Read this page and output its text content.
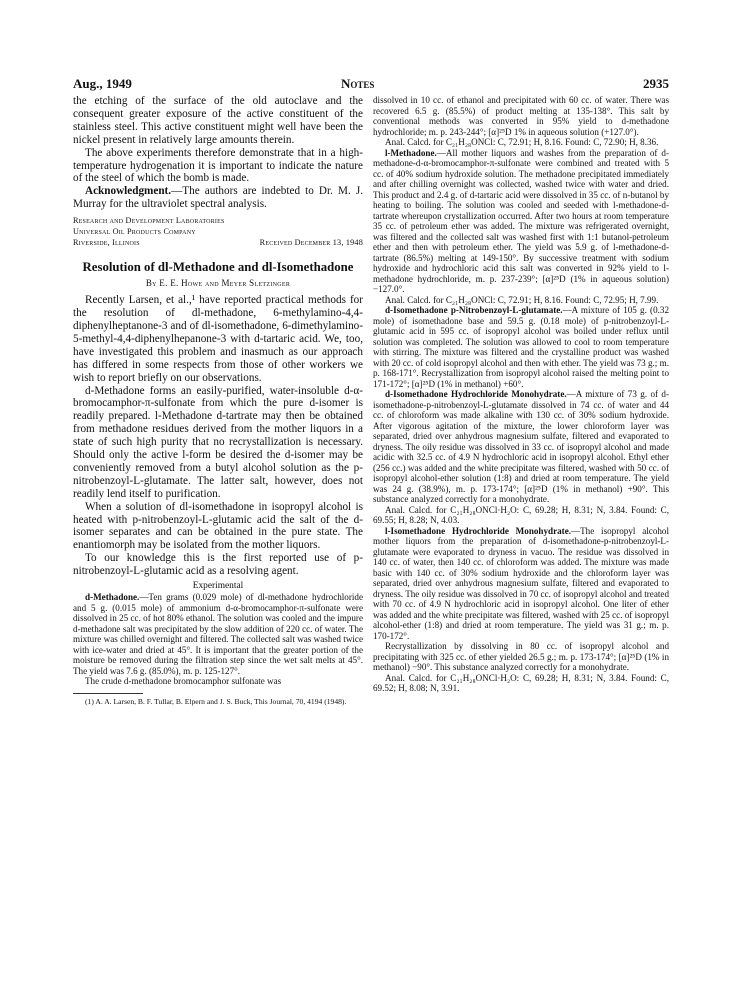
Aug., 1949	Notes	2935

the etching of the surface of the old autoclave and the consequent greater exposure of the active constituent of the stainless steel. This active constituent might well have been the nickel present in relatively large amounts therein.

The above experiments therefore demonstrate that in a high-temperature hydrogenation it is important to indicate the nature of the steel of which the bomb is made.

Acknowledgment.—The authors are indebted to Dr. M. J. Murray for the ultraviolet spectral analysis.

Research and Development Laboratories
Universal Oil Products Company
Riverside, Illinois	Received December 13, 1948
Resolution of dl-Methadone and dl-Isomethadone
By E. E. Howe and Meyer Sletzinger

Recently Larsen, et al.,¹ have reported practical methods for the resolution of dl-methadone, 6-methylamino-4,4-diphenylheptanone-3 and of dl-isomethadone, 6-dimethylamino-5-methyl-4,4-diphenylhepanone-3 with d-tartaric acid. We, too, have investigated this problem and inasmuch as our approach has differed in some respects from those of other workers we wish to report briefly on our observations.

d-Methadone forms an easily-purified, water-insoluble d-α-bromocamphor-π-sulfonate from which the pure d-isomer is readily prepared. l-Methadone d-tartrate may then be obtained from methadone residues derived from the mother liquors in a state of such high purity that no recrystallization is necessary. Should only the active l-form be desired the d-isomer may be conveniently removed from a butyl alcohol solution as the p-nitrobenzoyl-L-glutamate. The latter salt, however, does not readily lend itself to purification.

When a solution of dl-isomethadone in isopropyl alcohol is heated with p-nitrobenzoyl-L-glutamic acid the salt of the d-isomer separates and can be obtained in the pure state. The enantiomorph may be isolated from the mother liquors.

To our knowledge this is the first reported use of p-nitrobenzoyl-L-glutamic acid as a resolving agent.

Experimental

d-Methadone.—Ten grams (0.029 mole) of dl-methadone hydrochloride and 5 g. (0.015 mole) of ammonium d-α-bromocamphor-π-sulfonate were dissolved in 25 cc. of hot 80% ethanol. The solution was cooled and the impure d-methadone salt was precipitated by the slow addition of 220 cc. of water. The mixture was chilled overnight and filtered. The collected salt was washed twice with ice-water and dried at 45°. It is important that the greater portion of the moisture be removed during the filtration step since the wet salt melts at 45°. The yield was 7.6 g. (85.0%), m. p. 125-127°.

The crude d-methadone bromocamphor sulfonate was

(1) A. A. Larsen, B. F. Tullar, B. Elpern and J. S. Buck, This Journal, 70, 4194 (1948).

dissolved in 10 cc. of ethanol and precipitated with 60 cc. of water. There was recovered 6.5 g. (85.5%) of product melting at 135-138°. This salt by conventional methods was converted in 95% yield to d-methadone hydrochloride; m. p. 243-244°; [α]²⁵D 1% in aqueous solution (+127.0°).

Anal. Calcd. for C₂₁H₂₈ONCl: C, 72.91; H, 8.16. Found: C, 72.90; H, 8.36.

l-Methadone.—All mother liquors and washes from the preparation of d-methadone-d-α-bromocamphor-π-sulfonate were combined and treated with 5 cc. of 40% sodium hydroxide solution. The methadone precipitated immediately and after chilling overnight was collected, washed twice with water and dried. This product and 2.4 g. of d-tartaric acid were dissolved in 35 cc. of n-butanol by heating to boiling. The solution was cooled and seeded with l-methadone-d-tartrate whereupon crystallization occurred. After two hours at room temperature 35 cc. of petroleum ether was added. The mixture was refrigerated overnight, was filtered and the collected salt was washed first with 1:1 butanol-petroleum ether and then with petroleum ether. The yield was 5.9 g. of l-methadone-d-tartrate (86.5%) melting at 149-150°. By successive treatment with sodium hydroxide and hydrochloric acid this salt was converted in 92% yield to l-methadone hydrochloride, m. p. 237-239°; [α]²⁵D (1% in aqueous solution) −127.0°.

Anal. Calcd. for C₂₁H₂₈ONCl: C, 72.91; H, 8.16. Found: C, 72.95; H, 7.99.

d-Isomethadone p-Nitrobenzoyl-L-glutamate.—A mixture of 105 g. (0.32 mole) of isomethadone base and 59.5 g. (0.18 mole) of p-nitrobenzoyl-L-glutamic acid in 595 cc. of isopropyl alcohol was boiled under reflux until solution was completed. The solution was allowed to cool to room temperature with stirring. The mixture was filtered and the crystalline product was washed with 20 cc. of cold isopropyl alcohol and then with ether. The yield was 73 g.; m. p. 168-171°. Recrystallization from isopropyl alcohol raised the melting point to 171-172°; [α]²⁵D (1% in methanol) +60°.

d-Isomethadone Hydrochloride Monohydrate.—A mixture of 73 g. of d-isomethadone-p-nitrobenzoyl-L-glutamate dissolved in 74 cc. of water and 44 cc. of chloroform was made alkaline with 130 cc. of 30% sodium hydroxide. After vigorous agitation of the mixture, the lower chloroform layer was separated, dried over anhydrous magnesium sulfate, filtered and evaporated to dryness. The oily residue was dissolved in 33 cc. of isopropyl alcohol and made acidic with 32.5 cc. of 4.9 N hydrochloric acid in isopropyl alcohol. Ethyl ether (256 cc.) was added and the white precipitate was filtered, washed with 50 cc. of isopropyl alcohol-ether solution (1:8) and dried at room temperature. The yield was 24 g. (38.9%), m. p. 173-174°; [α]²⁵D (1% in methanol) +90°. This substance analyzed correctly for a monohydrate.

Anal. Calcd. for C₂₁H₂₈ONCl·H₂O: C, 69.28; H, 8.31; N, 3.84. Found: C, 69.55; H, 8.28; N, 4.03.

l-Isomethadone Hydrochloride Monohydrate.—The isopropyl alcohol mother liquors from the preparation of d-isomethadone-p-nitrobenzoyl-L-glutamate were evaporated to dryness in vacuo. The residue was dissolved in 140 cc. of water, then 140 cc. of chloroform was added. The mixture was made basic with 140 cc. of 30% sodium hydroxide and the chloroform layer was separated, dried over anhydrous magnesium sulfate, filtered and evaporated to dryness. The oily residue was dissolved in 70 cc. of isopropyl alcohol and treated with 70 cc. of 4.9 N hydrochloric acid in isopropyl alcohol. One liter of ether was added and the white precipitate was filtered, washed with 25 cc. of isopropyl alcohol-ether (1:8) and dried at room temperature. The yield was 31 g.; m. p. 170-172°.

Recrystallization by dissolving in 80 cc. of isopropyl alcohol and precipitating with 325 cc. of ether yielded 26.5 g.; m. p. 173-174°; [α]²⁵D (1% in methanol) −90°. This substance analyzed correctly for a monohydrate.

Anal. Calcd. for C₂₁H₂₈ONCl·H₂O: C, 69.28; H, 8.31; N, 3.84. Found: C, 69.52; H, 8.08; N, 3.91.
